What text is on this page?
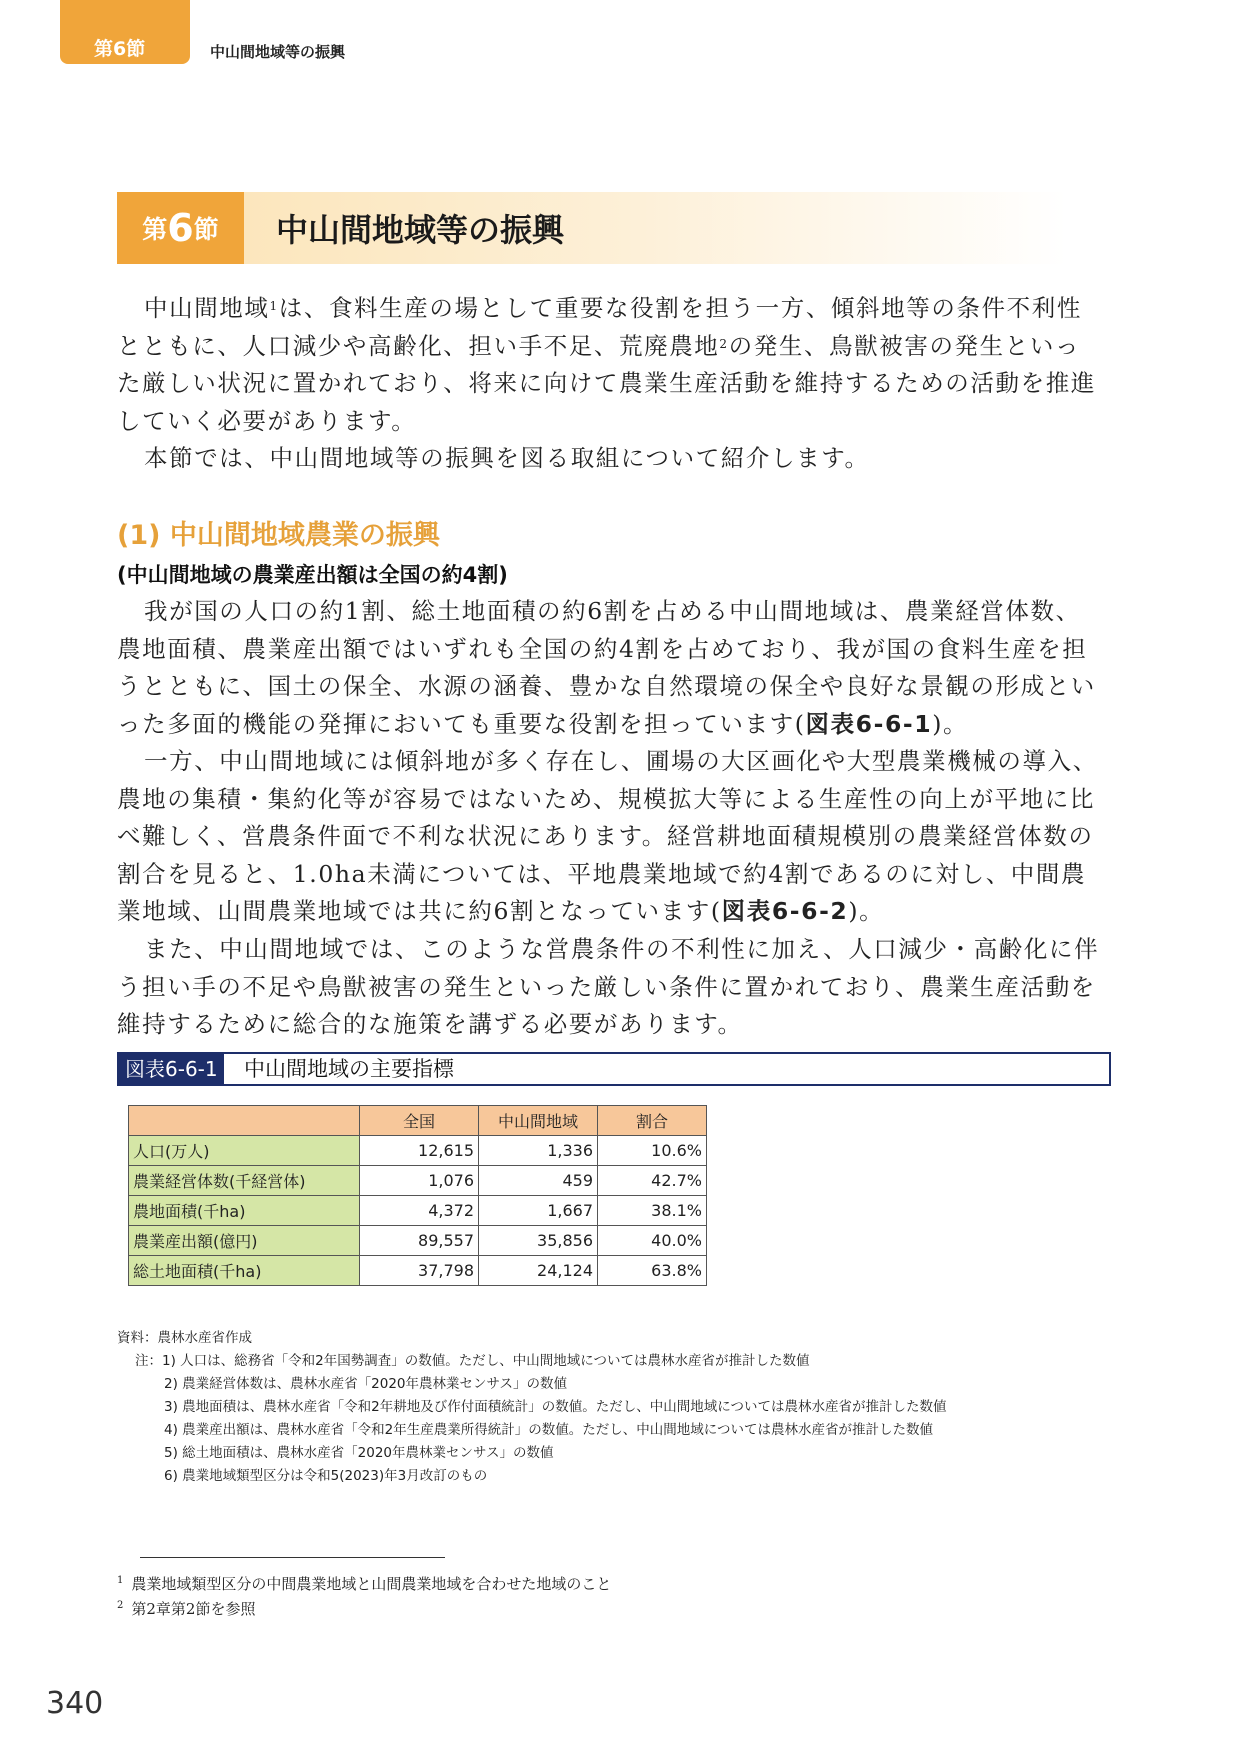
第6節	中山間地域等の振興
第 6 節 中山間地域等の振興
中山間地域$^1$は、食料生産の場として重要な役割を担う一方、傾斜地等の条件不利性とともに、人口減少や高齢化、担い手不足、荒廃農地$^2$の発生、鳥獣被害の発生といった厳しい状況に置かれており、将来に向けて農業生産活動を維持するための活動を推進していく必要があります。
本節では、中山間地域等の振興を図る取組について紹介します。
(1) 中山間地域農業の振興
(中山間地域の農業産出額は全国の約4割)
我が国の人口の約1割、総土地面積の約6割を占める中山間地域は、農業経営体数、農地面積、農業産出額ではいずれも全国の約4割を占めており、我が国の食料生産を担うとともに、国土の保全、水源の涵養、豊かな自然環境の保全や良好な景観の形成といった多面的機能の発揮においても重要な役割を担っています(図表6-6-1)。
一方、中山間地域には傾斜地が多く存在し、圃場の大区画化や大型農業機械の導入、農地の集積・集約化等が容易ではないため、規模拡大等による生産性の向上が平地に比べ難しく、営農条件面で不利な状況にあります。経営耕地面積規模別の農業経営体数の割合を見ると、1.0ha未満については、平地農業地域で約4割であるのに対し、中間農業地域、山間農業地域では共に約6割となっています(図表6-6-2)。
また、中山間地域では、このような営農条件の不利性に加え、人口減少・高齢化に伴う担い手の不足や鳥獣被害の発生といった厳しい条件に置かれており、農業生産活動を維持するために総合的な施策を講ずる必要があります。
図表6-6-1 中山間地域の主要指標
	全国	中山間地域	割合
人口(万人)	12,615	1,336	10.6%
農業経営体数(千経営体)	1,076	459	42.7%
農地面積(千ha)	4,372	1,667	38.1%
農業産出額(億円)	89,557	35,856	40.0%
総土地面積(千ha)	37,798	24,124	63.8%
資料：農林水産省作成
注：1) 人口は、総務省「令和2年国勢調査」の数値。ただし、中山間地域については農林水産省が推計した数値
2) 農業経営体数は、農林水産省「2020年農林業センサス」の数値
3) 農地面積は、農林水産省「令和2年耕地及び作付面積統計」の数値。ただし、中山間地域については農林水産省が推計した数値
4) 農業産出額は、農林水産省「令和2年生産農業所得統計」の数値。ただし、中山間地域については農林水産省が推計した数値
5) 総土地面積は、農林水産省「2020年農林業センサス」の数値
6) 農業地域類型区分は令和5(2023)年3月改訂のもの
$^1$ 農業地域類型区分の中間農業地域と山間農業地域を合わせた地域のこと
$^2$ 第2章第2節を参照
340
